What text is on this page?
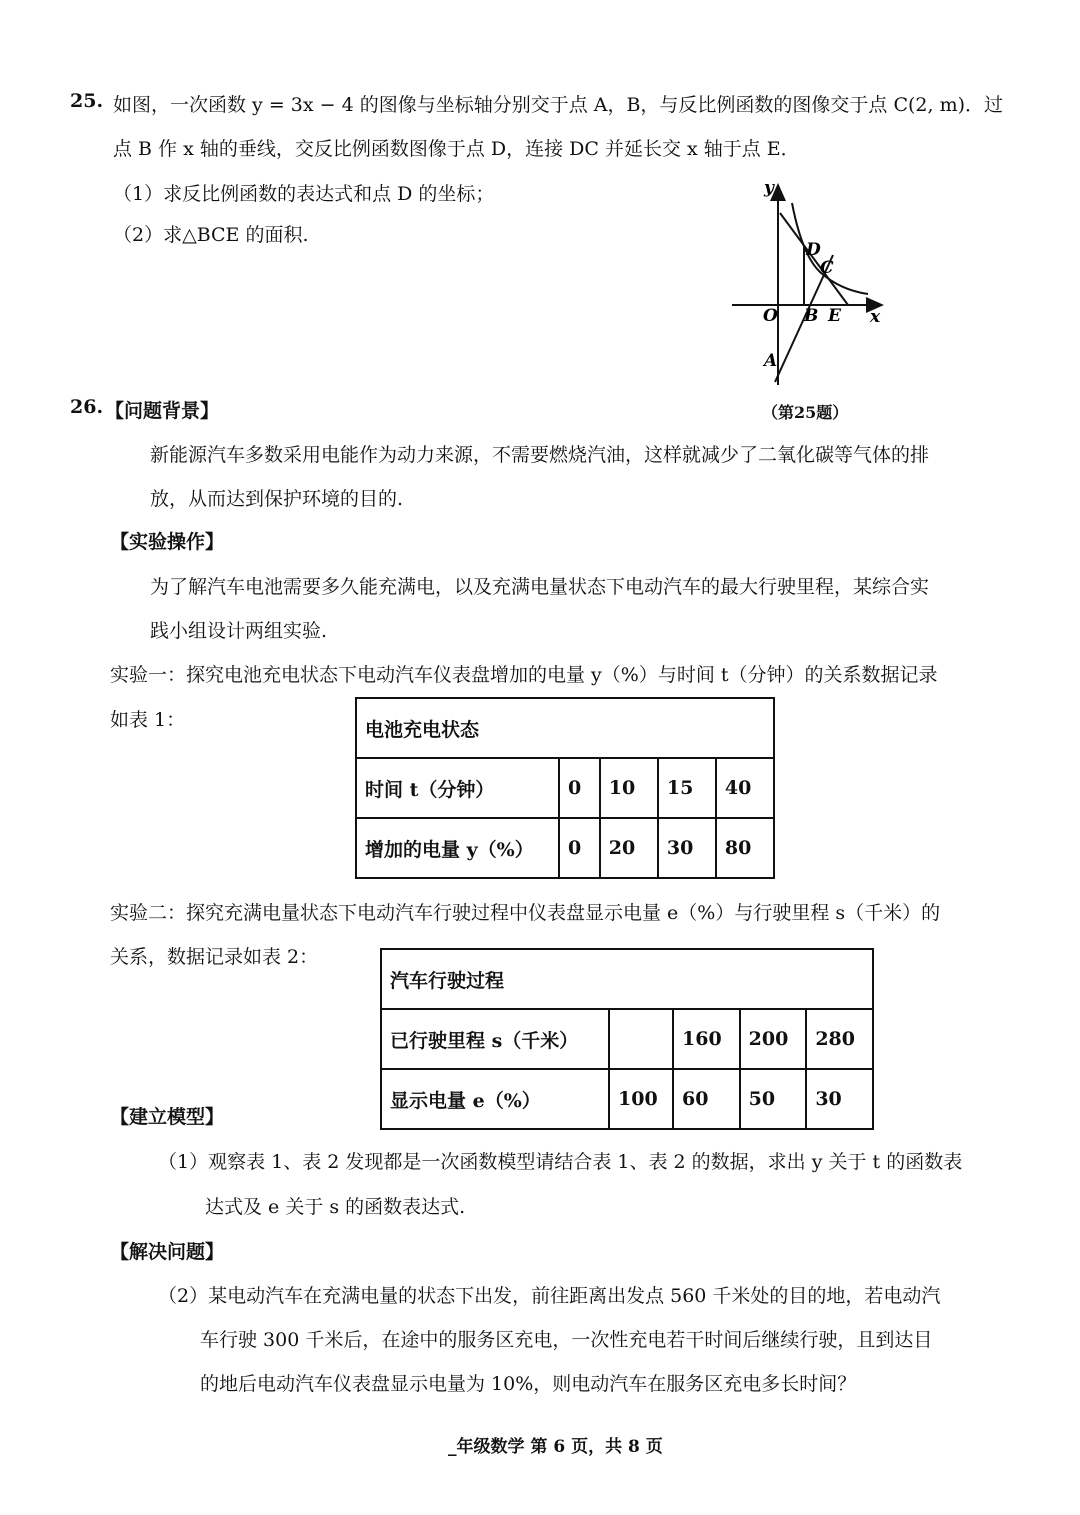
25. 如图，一次函数 y = 3x − 4 的图像与坐标轴分别交于点 A，B，与反比例函数的图像交于点 C(2, m)．过
点 B 作 x 轴的垂线，交反比例函数图像于点 D，连接 DC 并延长交 x 轴于点 E．
（1）求反比例函数的表达式和点 D 的坐标；
（2）求△BCE 的面积.
y
x
O
A
B E
C
D
（第25题）
26. 【问题背景】
新能源汽车多数采用电能作为动力来源，不需要燃烧汽油，这样就减少了二氧化碳等气体的排
放，从而达到保护环境的目的.
【实验操作】
为了解汽车电池需要多久能充满电，以及充满电量状态下电动汽车的最大行驶里程，某综合实
践小组设计两组实验.
实验一：探究电池充电状态下电动汽车仪表盘增加的电量 y（%）与时间 t（分钟）的关系数据记录
如表 1：	电池充电状态				
时间 t（分钟）	0	10	15	40
增加的电量 y（%）	0	20	30	80
实验二：探究充满电量状态下电动汽车行驶过程中仪表盘显示电量 e（%）与行驶里程 s（千米）的
关系，数据记录如表 2：
汽车行驶过程				
已行驶里程 s（千米）		160	200	280
显示电量 e（%）	100	60	50	30
【建立模型】
（1）观察表 1、表 2 发现都是一次函数模型请结合表 1、表 2 的数据，求出 y 关于 t 的函数表
达式及 e 关于 s 的函数表达式.
【解决问题】
（2）某电动汽车在充满电量的状态下出发，前往距离出发点 560 千米处的目的地，若电动汽
车行驶 300 千米后，在途中的服务区充电，一次性充电若干时间后继续行驶，且到达目
的地后电动汽车仪表盘显示电量为 10%，则电动汽车在服务区充电多长时间？
_年级数学 第 6 页，共 8 页
